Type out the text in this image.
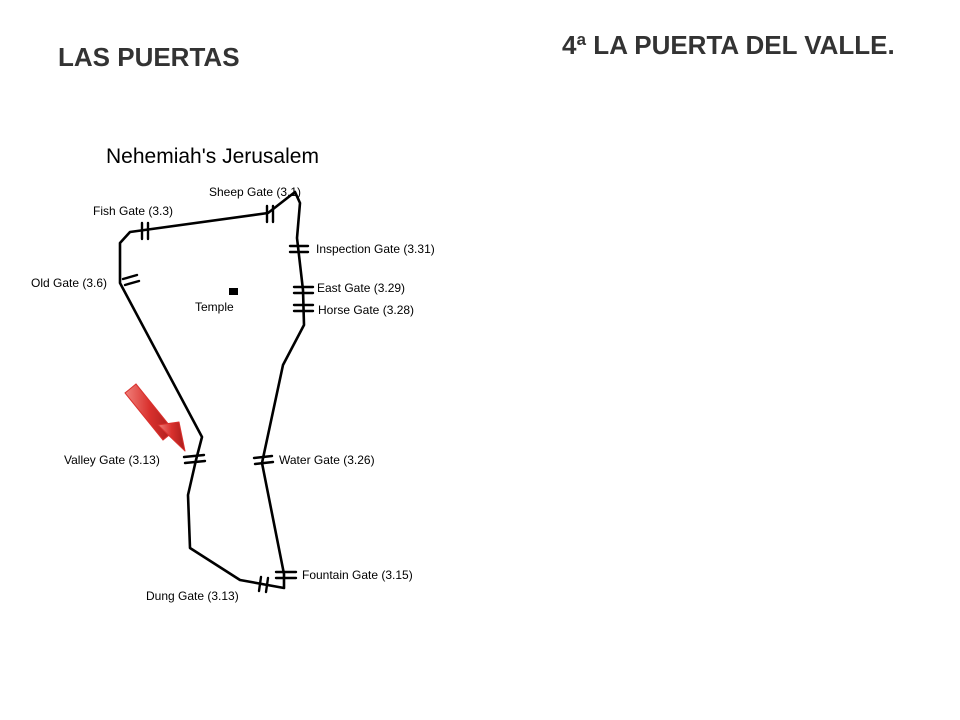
LAS PUERTAS	4ª LA PUERTA DEL VALLE.
Nehemiah's Jerusalem
Temple
Sheep Gate (3.1)
Fish Gate (3.3)
Inspection Gate (3.31)
East Gate (3.29)
Old Gate (3.6)
Horse Gate (3.28)
Valley Gate (3.13)	Water Gate (3.26)
Fountain Gate (3.15)
Dung Gate (3.13)
